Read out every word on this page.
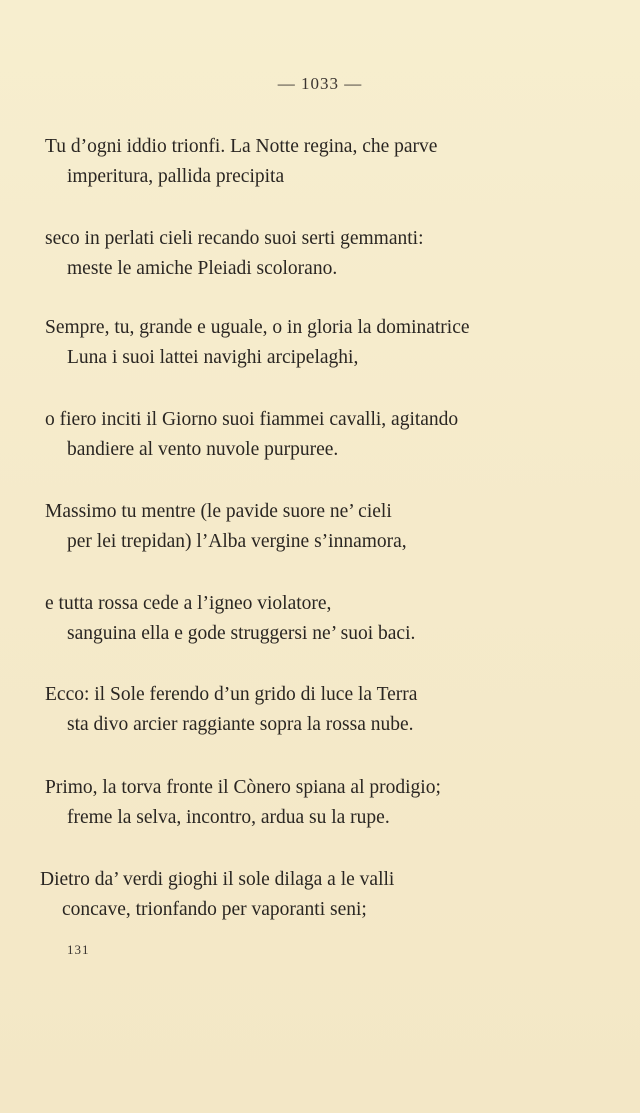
— 1033 —
Tu d’ogni iddio trionfi. La Notte regina, che parve
imperitura, pallida precipita
seco in perlati cieli recando suoi serti gemmanti:
meste le amiche Pleiadi scolorano.
Sempre, tu, grande e uguale, o in gloria la dominatrice
Luna i suoi lattei navighi arcipelaghi,
o fiero inciti il Giorno suoi fiammei cavalli, agitando
bandiere al vento nuvole purpuree.
Massimo tu mentre (le pavide suore ne’ cieli
per lei trepidan) l’Alba vergine s’innamora,
e tutta rossa cede a l’igneo violatore,
sanguina ella e gode struggersi ne’ suoi baci.
Ecco: il Sole ferendo d’un grido di luce la Terra
sta divo arcier raggiante sopra la rossa nube.
Primo, la torva fronte il Cònero spiana al prodigio;
freme la selva, incontro, ardua su la rupe.
Dietro da’ verdi gioghi il sole dilaga a le valli
concave, trionfando per vaporanti seni;
131
